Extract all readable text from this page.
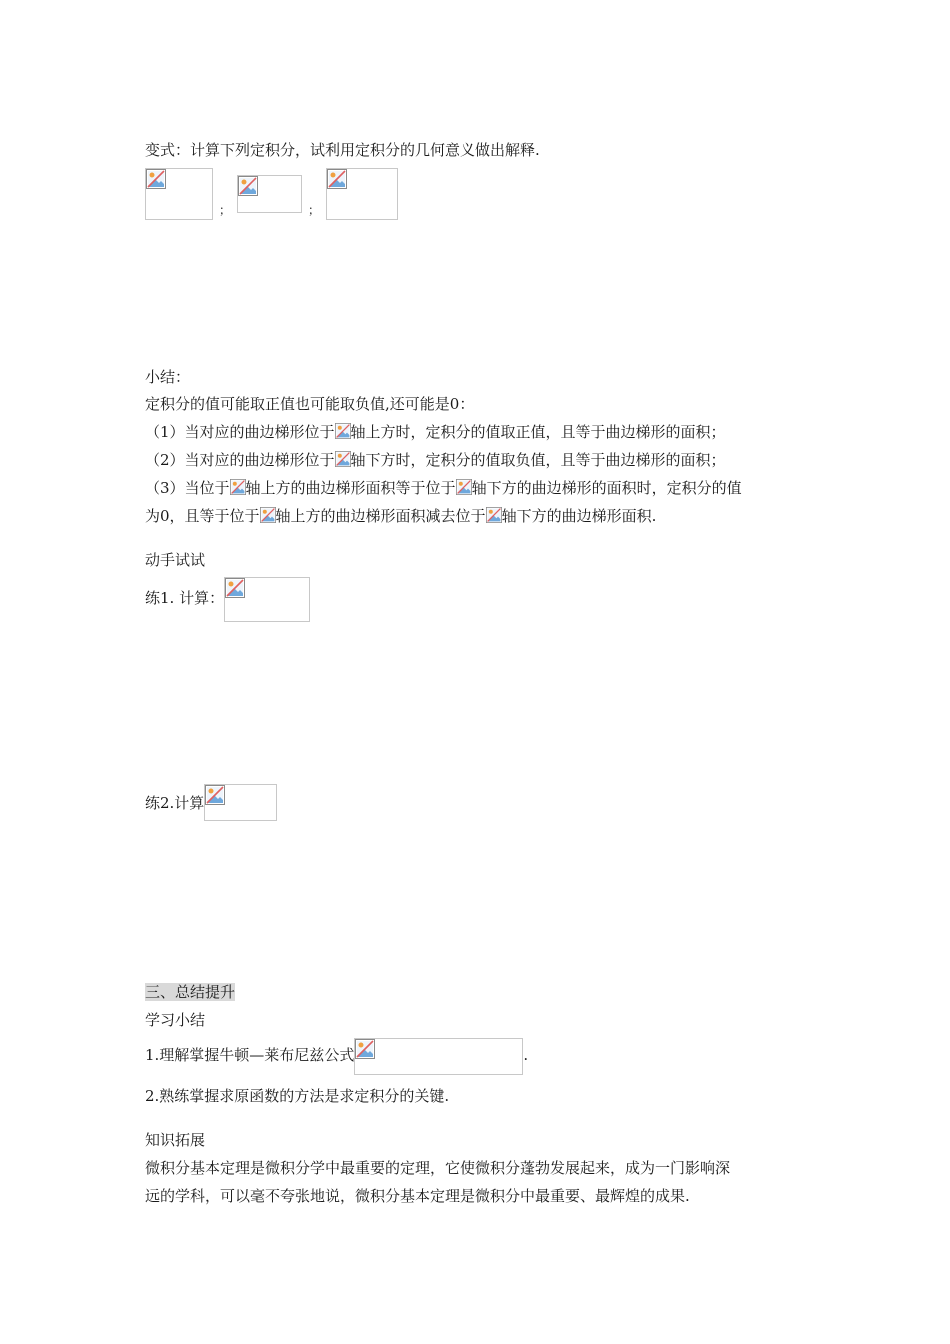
变式：计算下列定积分，试利用定积分的几何意义做出解释.
；	；
小结：
定积分的值可能取正值也可能取负值,还可能是0：
（1）当对应的曲边梯形位于 轴上方时，定积分的值取正值，且等于曲边梯形的面积；
（2）当对应的曲边梯形位于 轴下方时，定积分的值取负值，且等于曲边梯形的面积；
（3）当位于 轴上方的曲边梯形面积等于位于 轴下方的曲边梯形的面积时，定积分的值
为0，且等于位于 轴上方的曲边梯形面积减去位于 轴下方的曲边梯形面积.
动手试试
练1. 计算：
练2.计算
三、总结提升
学习小结
1.理解掌握牛顿—莱布尼兹公式	.
2.熟练掌握求原函数的方法是求定积分的关键.
知识拓展
微积分基本定理是微积分学中最重要的定理，它使微积分蓬勃发展起来，成为一门影响深
远的学科，可以毫不夸张地说，微积分基本定理是微积分中最重要、最辉煌的成果.
